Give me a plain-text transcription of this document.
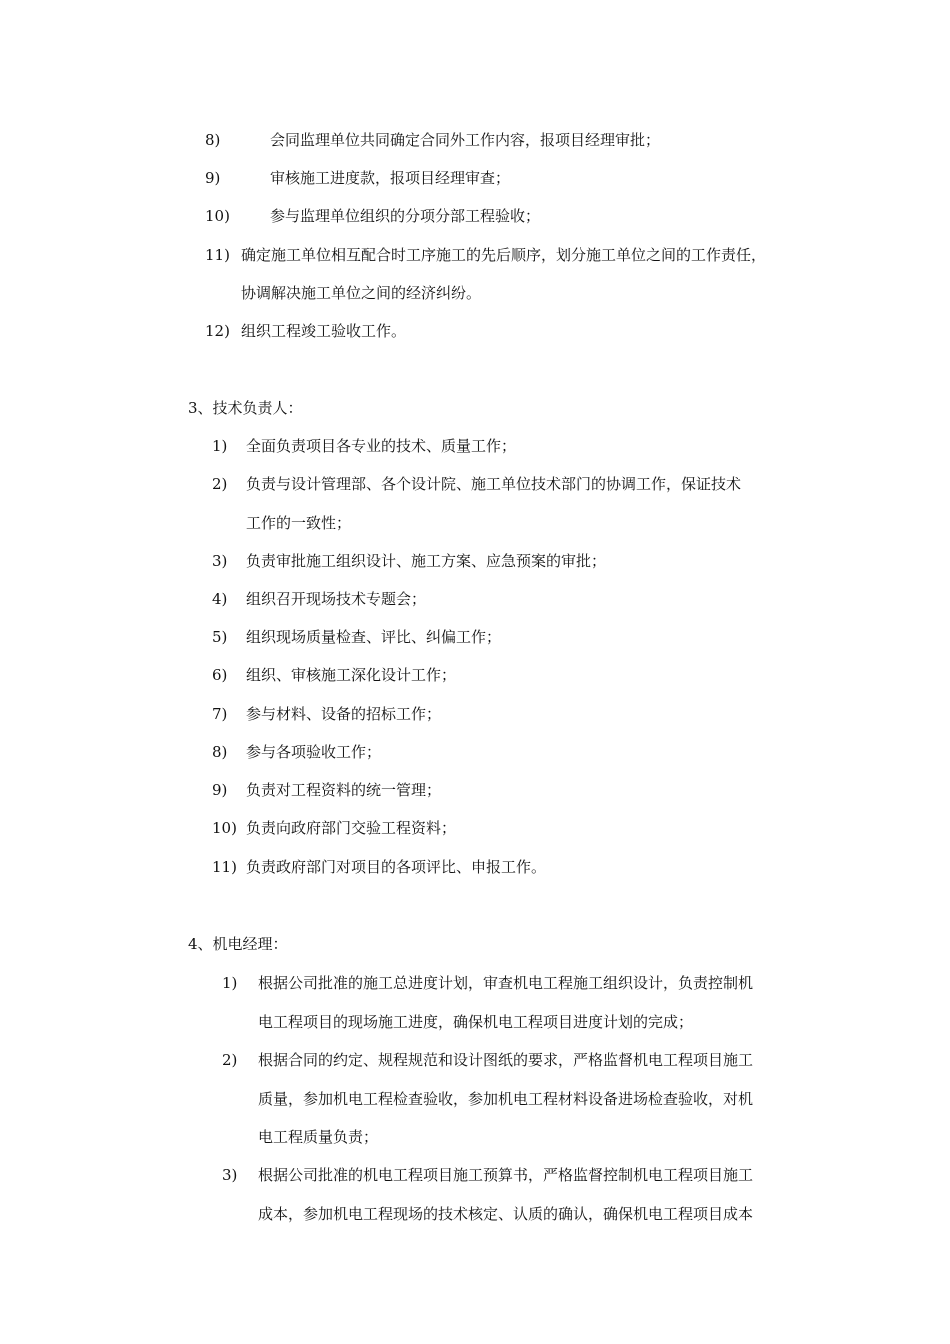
8)	会同监理单位共同确定合同外工作内容，报项目经理审批；
9)	审核施工进度款，报项目经理审查；
10)	参与监理单位组织的分项分部工程验收；
11) 确定施工单位相互配合时工序施工的先后顺序，划分施工单位之间的工作责任，
协调解决施工单位之间的经济纠纷。
12) 组织工程竣工验收工作。
3、技术负责人：
1) 全面负责项目各专业的技术、质量工作；
2) 负责与设计管理部、各个设计院、施工单位技术部门的协调工作，保证技术
工作的一致性；
3) 负责审批施工组织设计、施工方案、应急预案的审批；
4) 组织召开现场技术专题会；
5) 组织现场质量检查、评比、纠偏工作；
6) 组织、审核施工深化设计工作；
7) 参与材料、设备的招标工作；
8) 参与各项验收工作；
9) 负责对工程资料的统一管理；
10) 负责向政府部门交验工程资料；
11) 负责政府部门对项目的各项评比、申报工作。
4、机电经理：
1) 根据公司批准的施工总进度计划，审查机电工程施工组织设计，负责控制机
电工程项目的现场施工进度，确保机电工程项目进度计划的完成；
2) 根据合同的约定、规程规范和设计图纸的要求，严格监督机电工程项目施工
质量，参加机电工程检查验收，参加机电工程材料设备进场检查验收，对机
电工程质量负责；
3) 根据公司批准的机电工程项目施工预算书，严格监督控制机电工程项目施工
成本，参加机电工程现场的技术核定、认质的确认，确保机电工程项目成本
